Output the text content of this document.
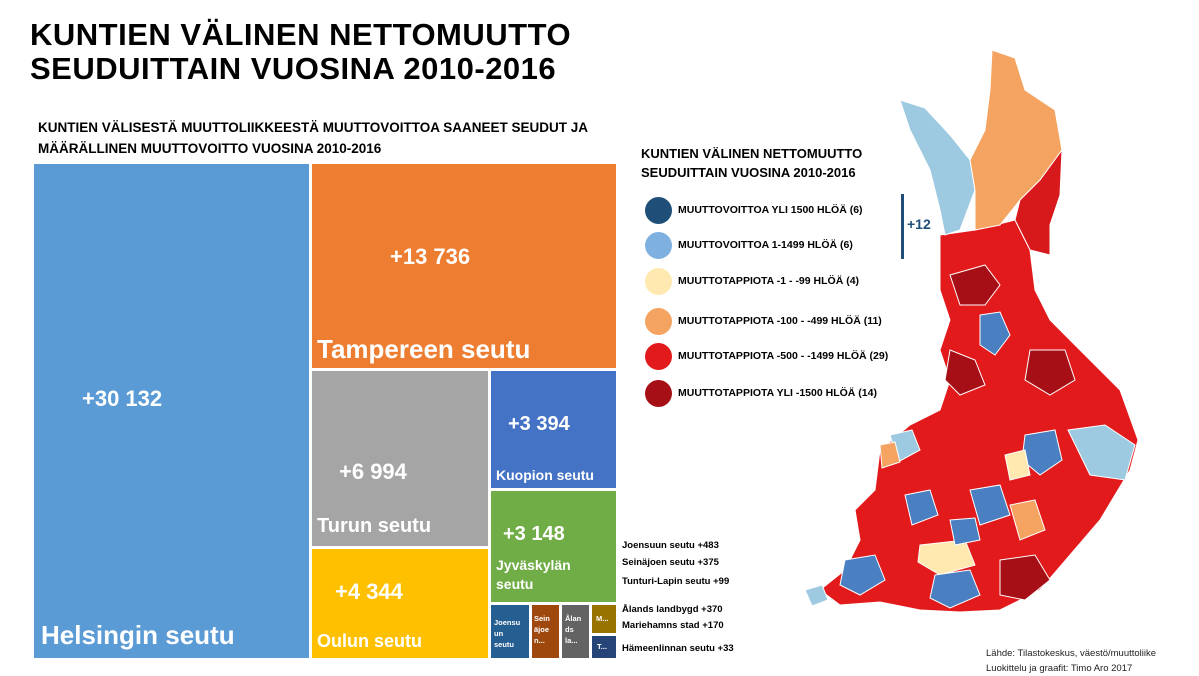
KUNTIEN VÄLINEN NETTOMUUTTO
SEUDUITTAIN VUOSINA 2010-2016
KUNTIEN VÄLISESTÄ MUUTTOLIIKKEESTÄ MUUTTOVOITTOA SAANEET SEUDUT JA
MÄÄRÄLLINEN MUUTTOVOITTO VUOSINA 2010-2016
+30 132
Helsingin seutu
+13 736
Tampereen seutu
+6 994
Turun seutu
+4 344
Oulun seutu
+3 394
Kuopion seutu
+3 148
Jyväskylän seutu
Joensu un seutu
Sein äjoe n...
Ålan ds la...
M...
T...
Joensuun seutu +483
Seinäjoen seutu +375
Tunturi-Lapin seutu +99
Ålands landbygd +370
Mariehamns stad +170
Hämeenlinnan seutu +33
KUNTIEN VÄLINEN NETTOMUUTTO
SEUDUITTAIN VUOSINA 2010-2016
MUUTTOVOITTOA YLI 1500 HLÖÄ (6)
MUUTTOVOITTOA 1-1499 HLÖÄ (6)
MUUTTOTAPPIOTA -1 - -99 HLÖÄ (4)
MUUTTOTAPPIOTA -100 - -499 HLÖÄ (11)
MUUTTOTAPPIOTA -500 - -1499 HLÖÄ (29)
MUUTTOTAPPIOTA YLI -1500 HLÖÄ (14)
+12
Lähde: Tilastokeskus, väestö/muuttoliike
Luokittelu ja graafit: Timo Aro 2017
